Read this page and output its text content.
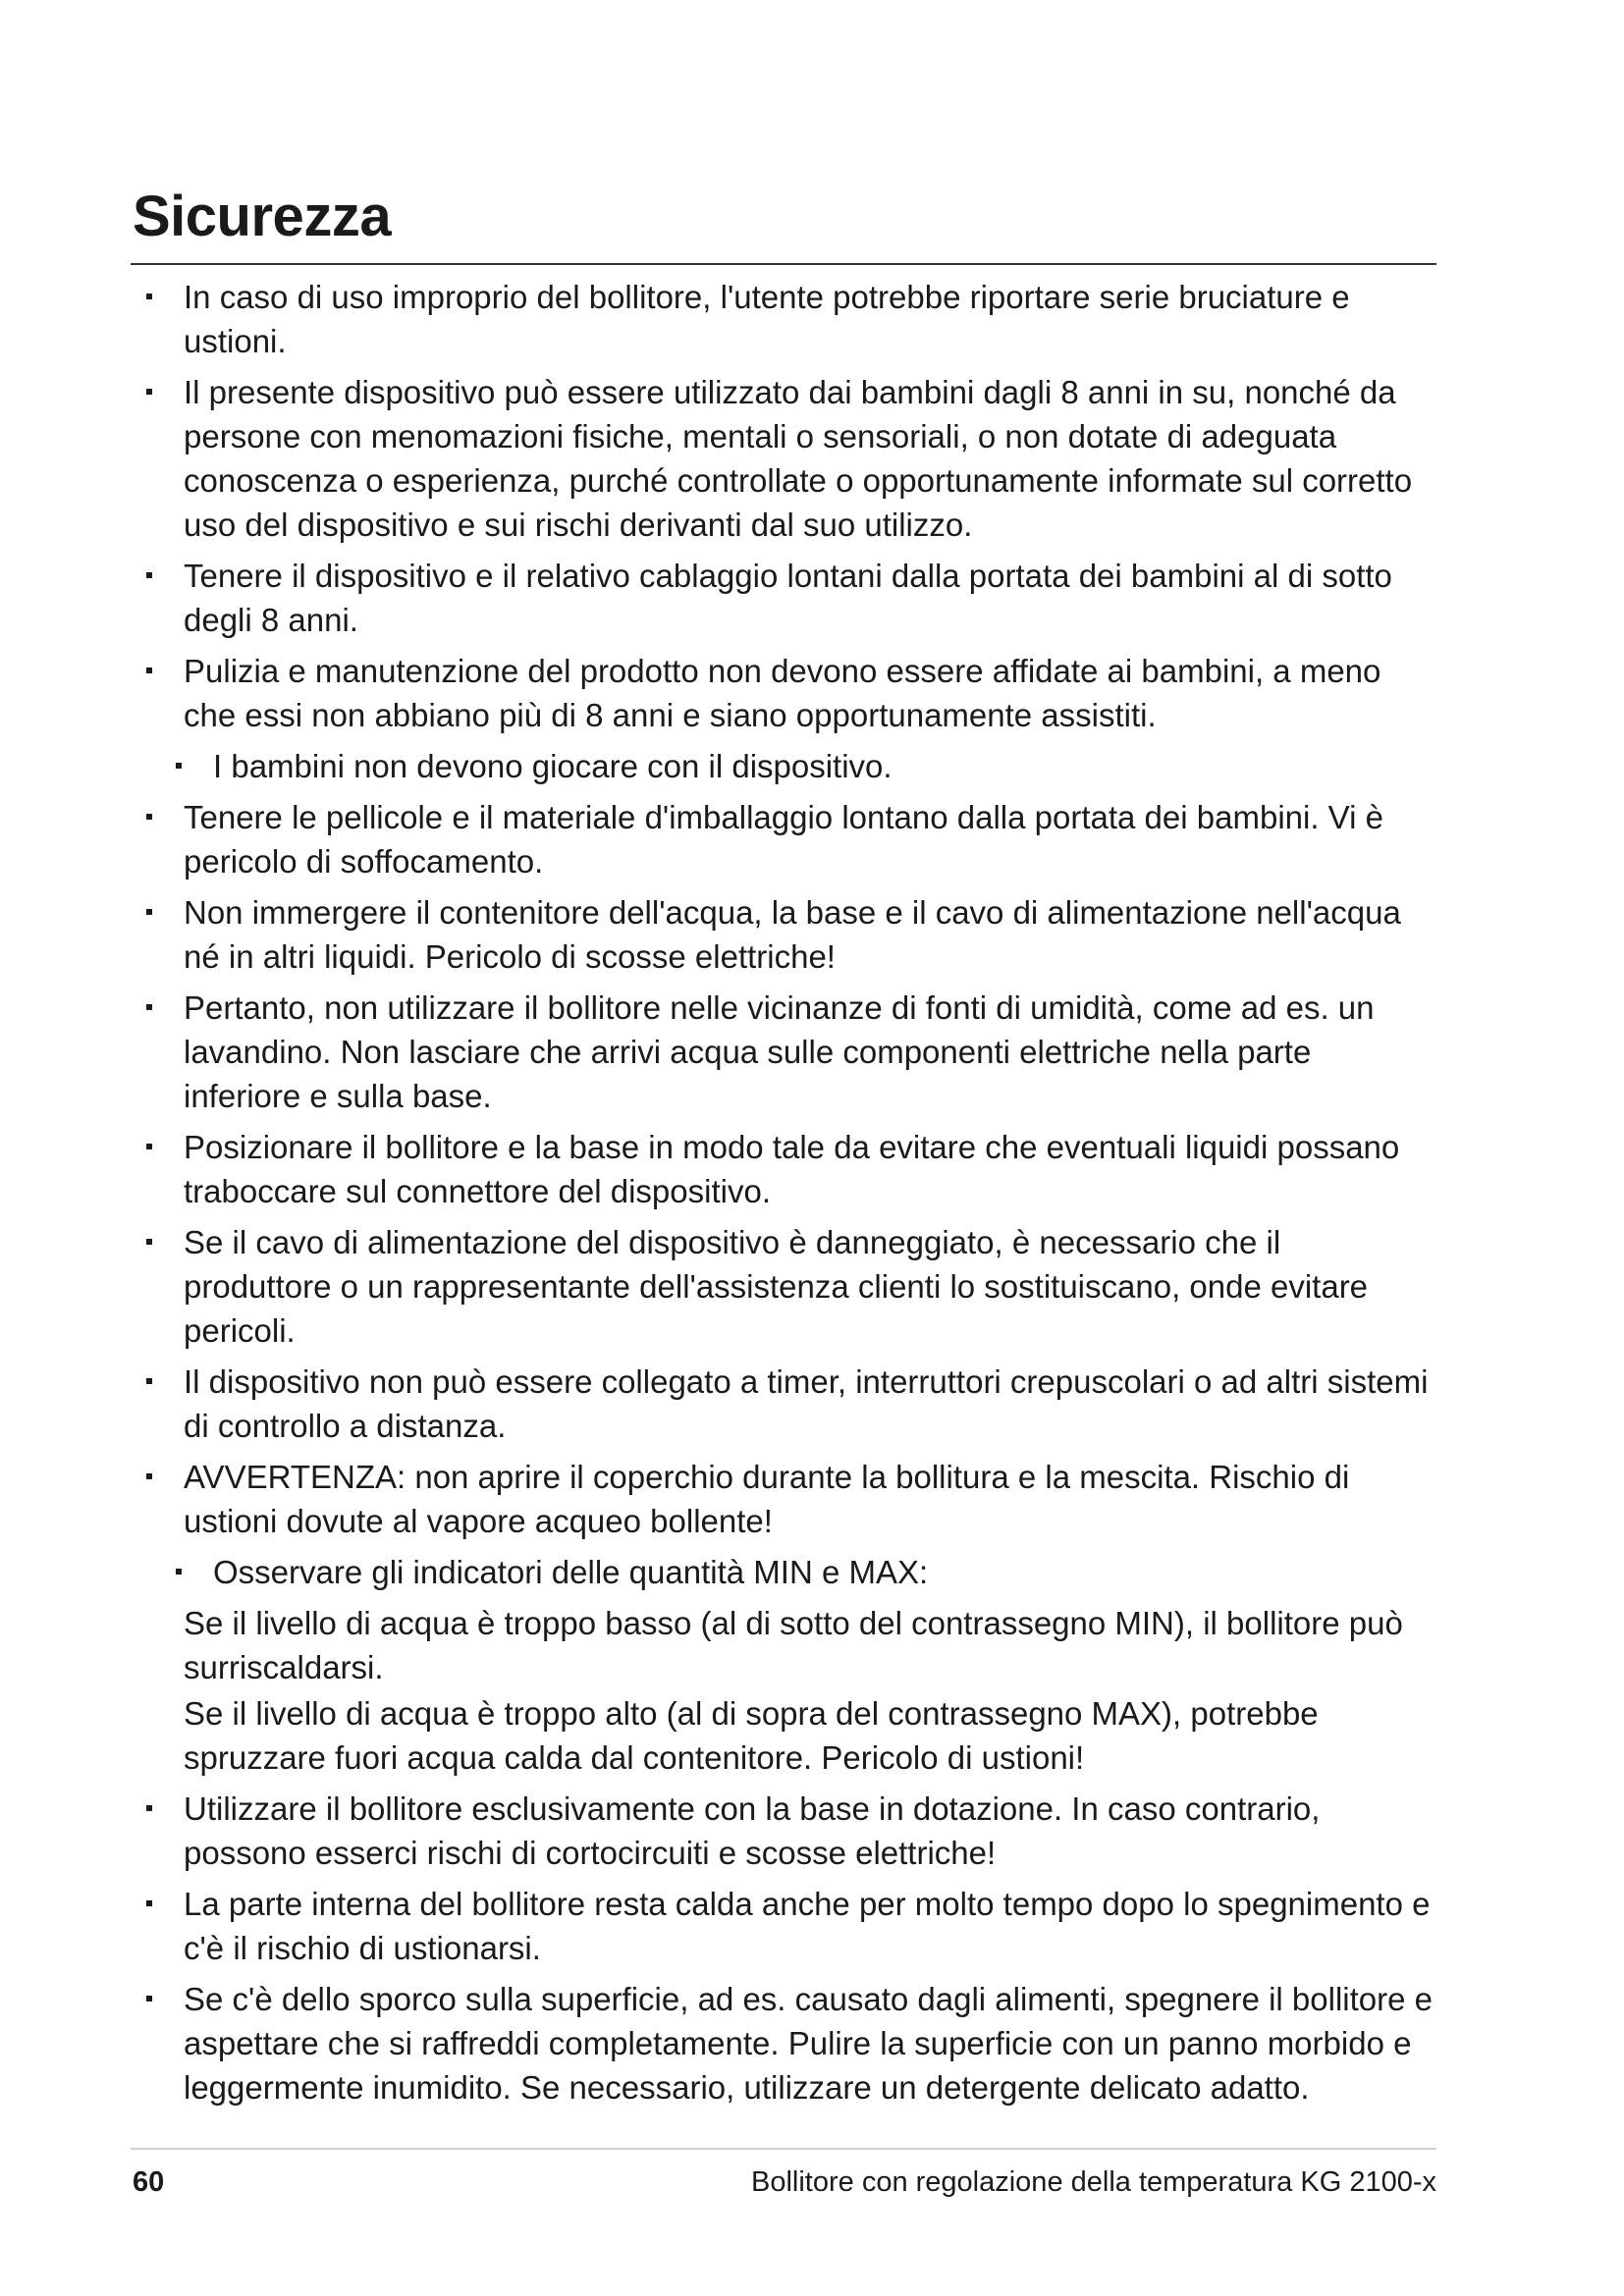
Sicurezza
In caso di uso improprio del bollitore, l'utente potrebbe riportare serie bruciature e ustioni.
Il presente dispositivo può essere utilizzato dai bambini dagli 8 anni in su, nonché da persone con menomazioni fisiche, mentali o sensoriali, o non dotate di adeguata conoscenza o esperienza, purché controllate o opportunamente informate sul corretto uso del dispositivo e sui rischi derivanti dal suo utilizzo.
Tenere il dispositivo e il relativo cablaggio lontani dalla portata dei bambini al di sotto degli 8 anni.
Pulizia e manutenzione del prodotto non devono essere affidate ai bambini, a meno che essi non abbiano più di 8 anni e siano opportunamente assistiti.
I bambini non devono giocare con il dispositivo.
Tenere le pellicole e il materiale d'imballaggio lontano dalla portata dei bambini. Vi è pericolo di soffocamento.
Non immergere il contenitore dell'acqua, la base e il cavo di alimentazione nell'acqua né in altri liquidi. Pericolo di scosse elettriche!
Pertanto, non utilizzare il bollitore nelle vicinanze di fonti di umidità, come ad es. un lavandino. Non lasciare che arrivi acqua sulle componenti elettriche nella parte inferiore e sulla base.
Posizionare il bollitore e la base in modo tale da evitare che eventuali liquidi possano traboccare sul connettore del dispositivo.
Se il cavo di alimentazione del dispositivo è danneggiato, è necessario che il produttore o un rappresentante dell'assistenza clienti lo sostituiscano, onde evitare pericoli.
Il dispositivo non può essere collegato a timer, interruttori crepuscolari o ad altri sistemi di controllo a distanza.
AVVERTENZA: non aprire il coperchio durante la bollitura e la mescita. Rischio di ustioni dovute al vapore acqueo bollente!
Osservare gli indicatori delle quantità MIN e MAX:
Se il livello di acqua è troppo basso (al di sotto del contrassegno MIN), il bollitore può surriscaldarsi.
Se il livello di acqua è troppo alto (al di sopra del contrassegno MAX), potrebbe spruzzare fuori acqua calda dal contenitore. Pericolo di ustioni!
Utilizzare il bollitore esclusivamente con la base in dotazione. In caso contrario, possono esserci rischi di cortocircuiti e scosse elettriche!
La parte interna del bollitore resta calda anche per molto tempo dopo lo spegnimento e c'è il rischio di ustionarsi.
Se c'è dello sporco sulla superficie, ad es. causato dagli alimenti, spegnere il bollitore e aspettare che si raffreddi completamente. Pulire la superficie con un panno morbido e leggermente inumidito. Se necessario, utilizzare un detergente delicato adatto.
60	Bollitore con regolazione della temperatura KG 2100-x
